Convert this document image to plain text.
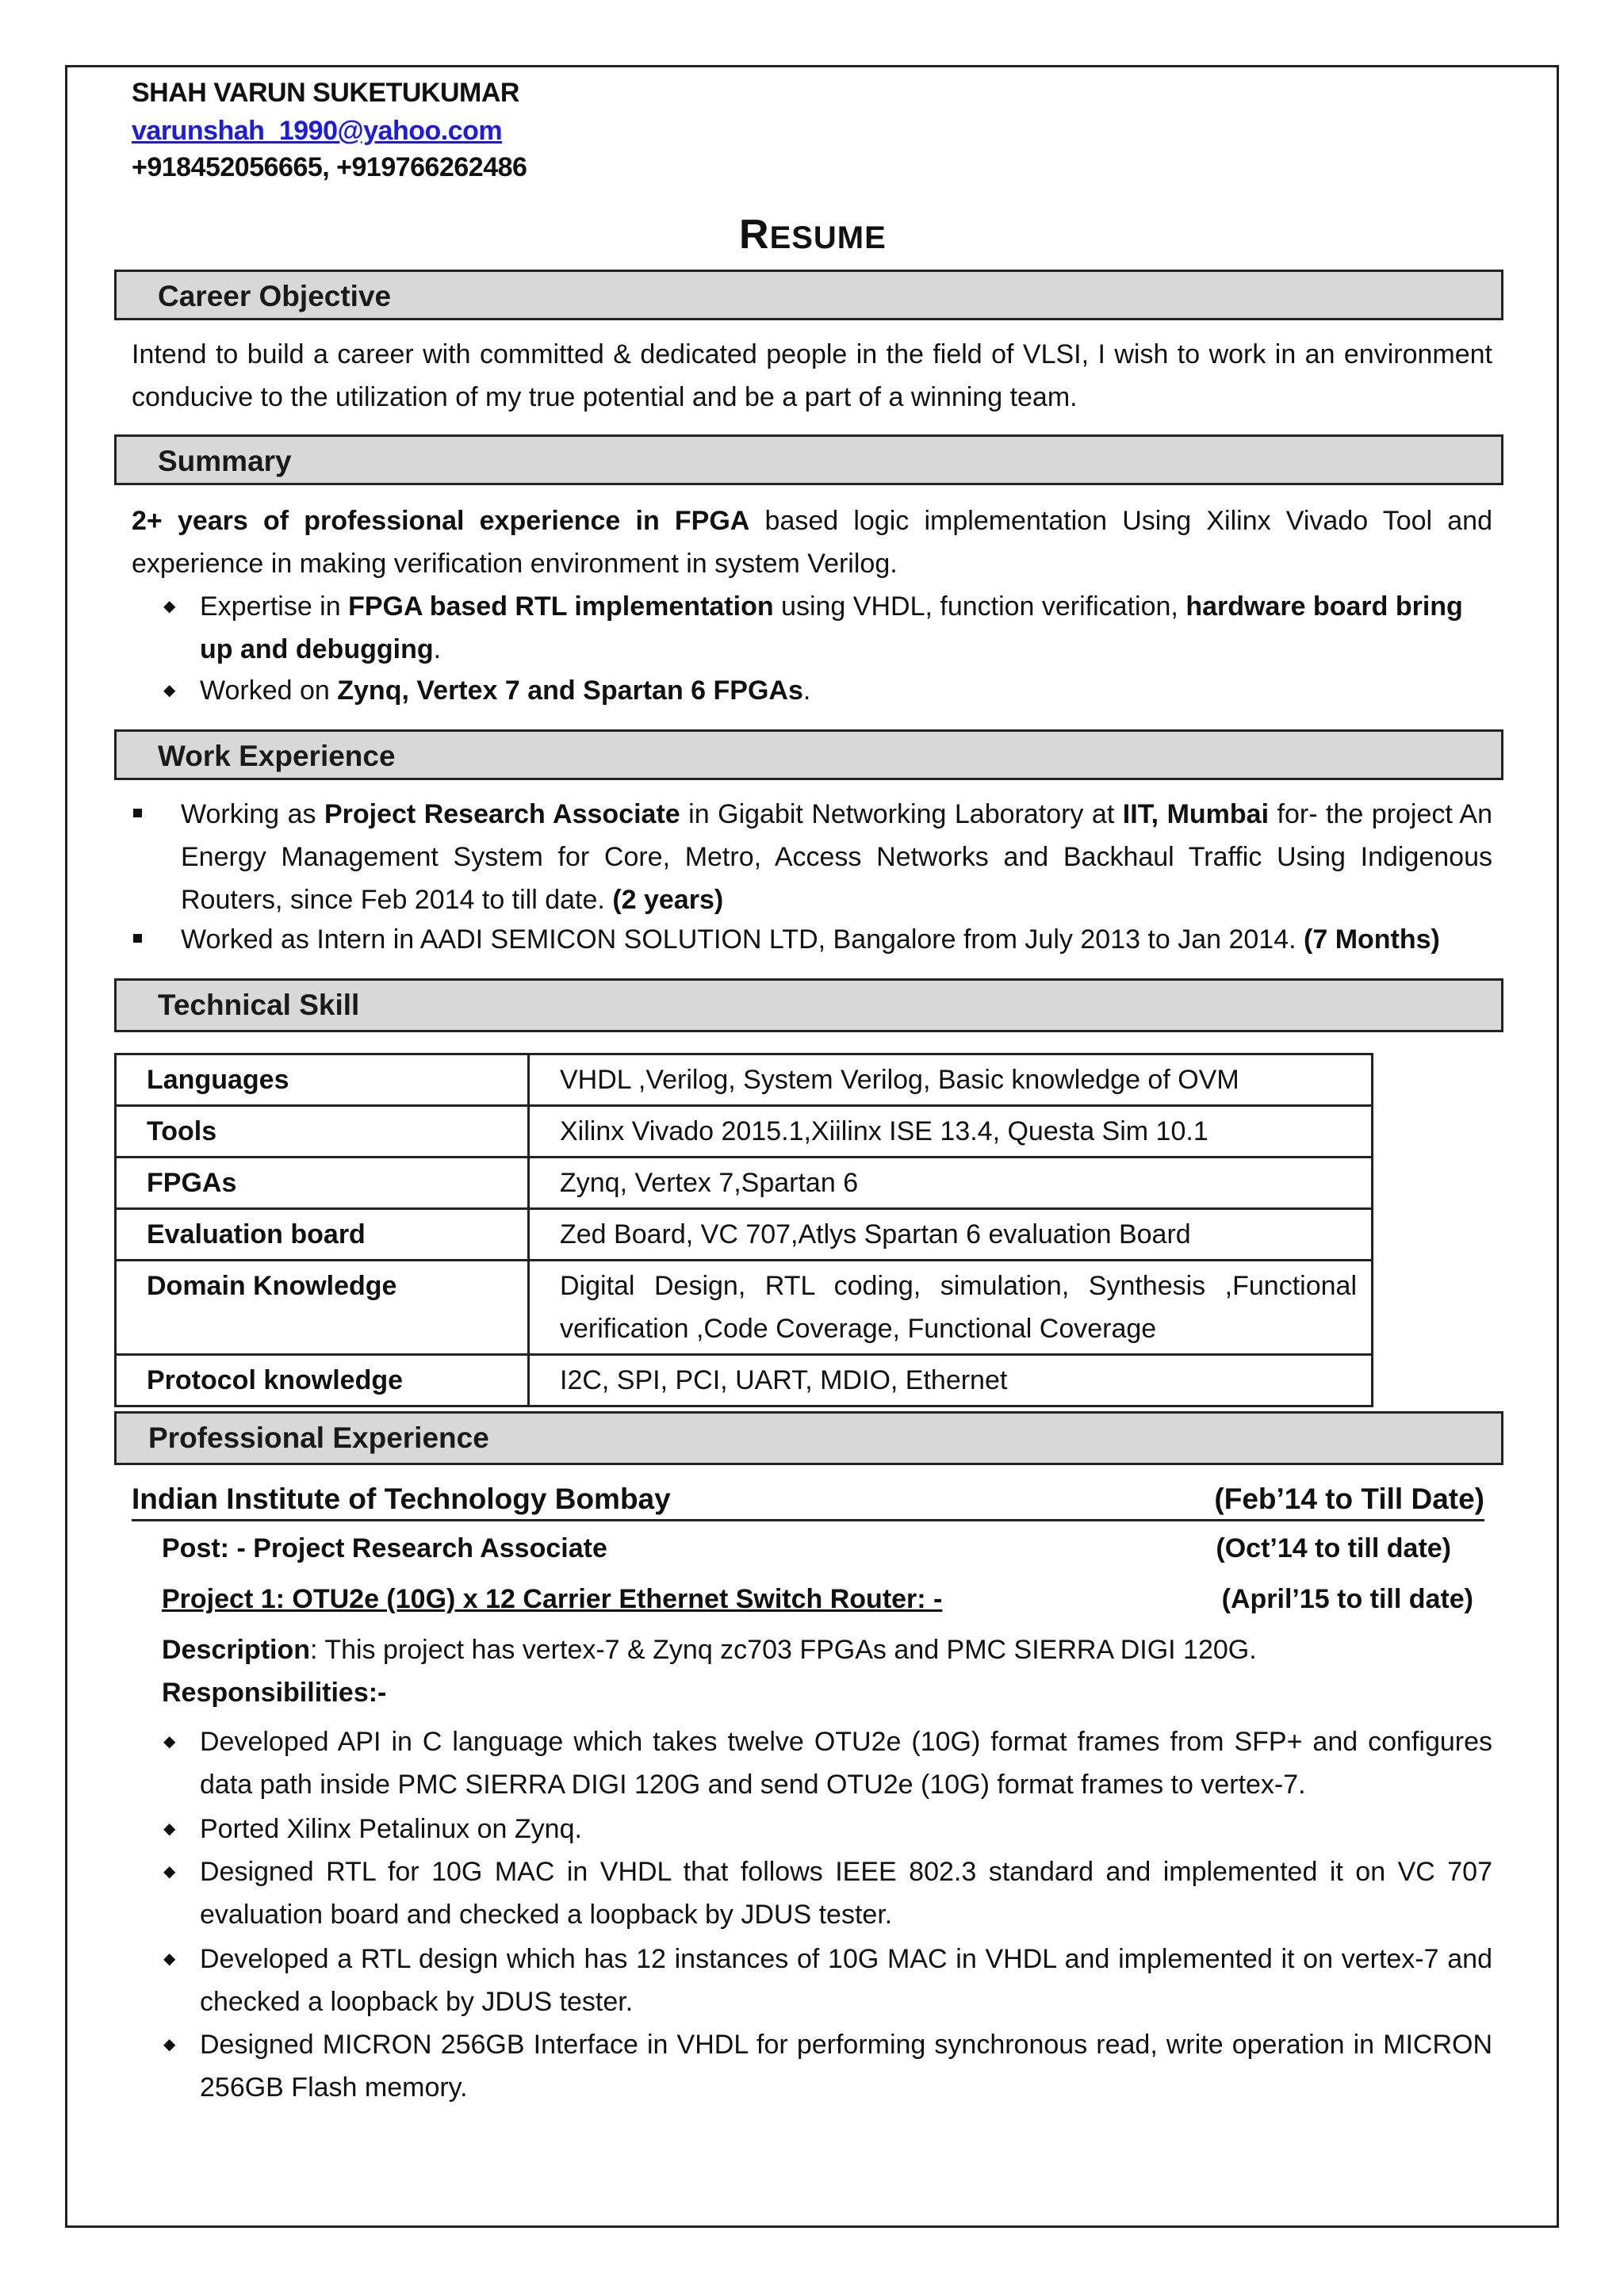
SHAH VARUN SUKETUKUMAR
varunshah_1990@yahoo.com
+918452056665, +919766262486
RESUME
Career Objective
Intend to build a career with committed & dedicated people in the field of VLSI, I wish to work in an environment conducive to the utilization of my true potential and be a part of a winning team.
Summary
2+ years of professional experience in FPGA based logic implementation Using Xilinx Vivado Tool and experience in making verification environment in system Verilog.
◆ Expertise in FPGA based RTL implementation using VHDL, function verification, hardware board bring up and debugging.
◆ Worked on Zynq, Vertex 7 and Spartan 6 FPGAs.
Work Experience
Working as Project Research Associate in Gigabit Networking Laboratory at IIT, Mumbai for- the project An Energy Management System for Core, Metro, Access Networks and Backhaul Traffic Using Indigenous Routers, since Feb 2014 to till date. (2 years)
Worked as Intern in AADI SEMICON SOLUTION LTD, Bangalore from July 2013 to Jan 2014. (7 Months)
Technical Skill
Languages	VHDL ,Verilog, System Verilog, Basic knowledge of OVM
Tools	Xilinx Vivado 2015.1,Xiilinx ISE 13.4, Questa Sim 10.1
FPGAs	Zynq, Vertex 7,Spartan 6
Evaluation board	Zed Board, VC 707,Atlys Spartan 6 evaluation Board
Domain Knowledge	Digital Design, RTL coding, simulation, Synthesis ,Functional verification ,Code Coverage, Functional Coverage
Protocol knowledge	I2C, SPI, PCI, UART, MDIO, Ethernet
Professional Experience
Indian Institute of Technology Bombay	(Feb’14 to Till Date)
Post: - Project Research Associate	(Oct’14 to till date)
Project 1: OTU2e (10G) x 12 Carrier Ethernet Switch Router: -	(April’15 to till date)
Description: This project has vertex-7 & Zynq zc703 FPGAs and PMC SIERRA DIGI 120G.
Responsibilities:-
◆ Developed API in C language which takes twelve OTU2e (10G) format frames from SFP+ and configures data path inside PMC SIERRA DIGI 120G and send OTU2e (10G) format frames to vertex-7.
◆ Ported Xilinx Petalinux on Zynq.
◆ Designed RTL for 10G MAC in VHDL that follows IEEE 802.3 standard and implemented it on VC 707 evaluation board and checked a loopback by JDUS tester.
◆ Developed a RTL design which has 12 instances of 10G MAC in VHDL and implemented it on vertex-7 and checked a loopback by JDUS tester.
◆ Designed MICRON 256GB Interface in VHDL for performing synchronous read, write operation in MICRON 256GB Flash memory.
